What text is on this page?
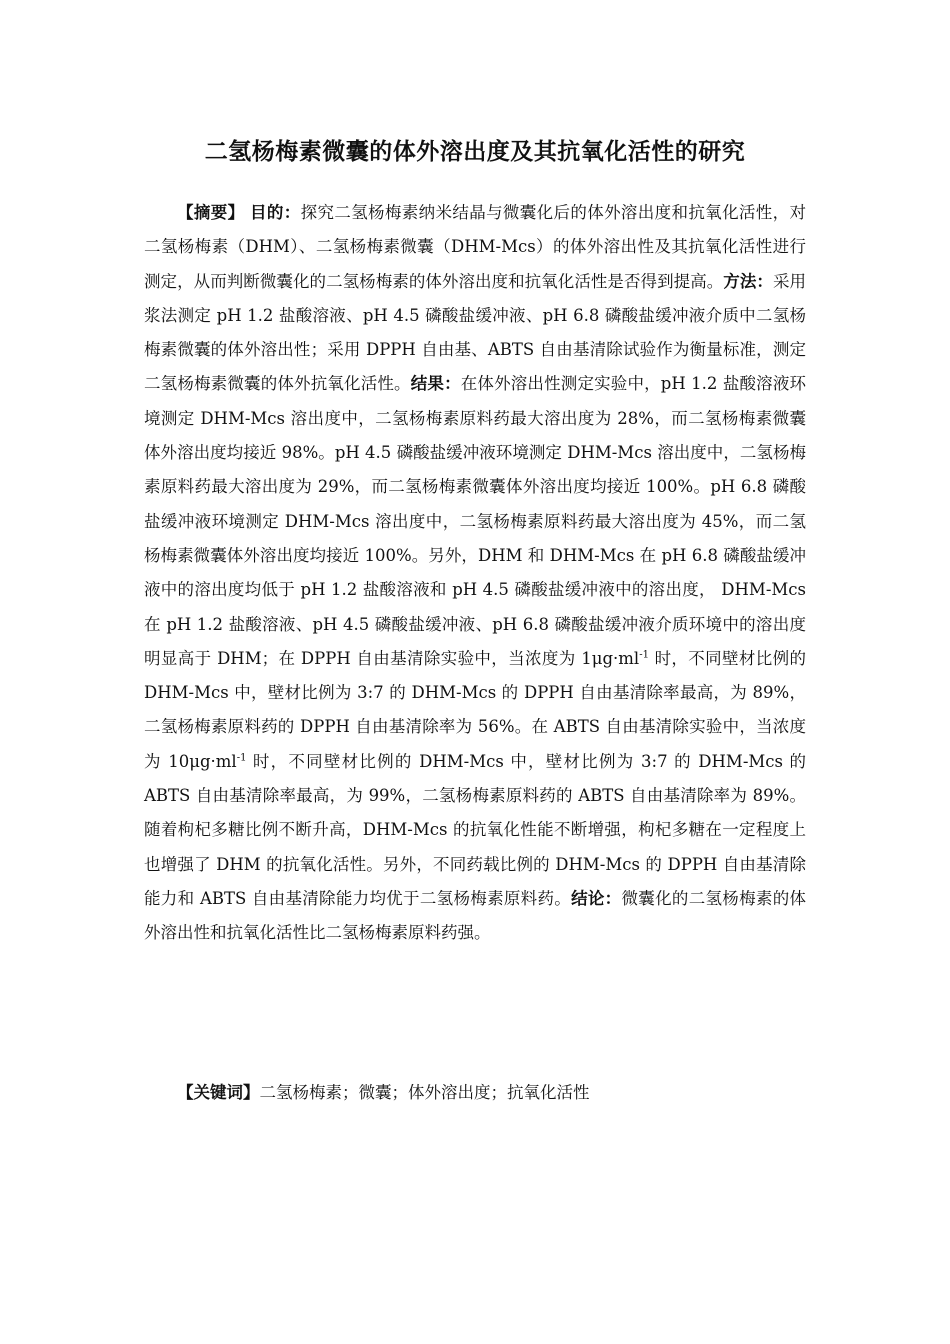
二氢杨梅素微囊的体外溶出度及其抗氧化活性的研究

【摘要】 目的：探究二氢杨梅素纳米结晶与微囊化后的体外溶出度和抗氧化活性，对二氢杨梅素（DHM）、二氢杨梅素微囊（DHM-Mcs）的体外溶出性及其抗氧化活性进行测定，从而判断微囊化的二氢杨梅素的体外溶出度和抗氧化活性是否得到提高。方法：采用浆法测定 pH 1.2 盐酸溶液、pH 4.5 磷酸盐缓冲液、pH 6.8 磷酸盐缓冲液介质中二氢杨梅素微囊的体外溶出性；采用 DPPH 自由基、ABTS 自由基清除试验作为衡量标准，测定二氢杨梅素微囊的体外抗氧化活性。结果：在体外溶出性测定实验中，pH 1.2 盐酸溶液环境测定 DHM-Mcs 溶出度中，二氢杨梅素原料药最大溶出度为 28%，而二氢杨梅素微囊体外溶出度均接近 98%。pH 4.5 磷酸盐缓冲液环境测定 DHM-Mcs 溶出度中，二氢杨梅素原料药最大溶出度为 29%，而二氢杨梅素微囊体外溶出度均接近 100%。pH 6.8 磷酸盐缓冲液环境测定 DHM-Mcs 溶出度中，二氢杨梅素原料药最大溶出度为 45%，而二氢杨梅素微囊体外溶出度均接近 100%。另外，DHM 和 DHM-Mcs 在 pH 6.8 磷酸盐缓冲液中的溶出度均低于 pH 1.2 盐酸溶液和 pH 4.5 磷酸盐缓冲液中的溶出度， DHM-Mcs 在 pH 1.2 盐酸溶液、pH 4.5 磷酸盐缓冲液、pH 6.8 磷酸盐缓冲液介质环境中的溶出度明显高于 DHM；在 DPPH 自由基清除实验中，当浓度为 $1\mu g\cdot ml^{-1}$ 时，不同壁材比例的 DHM-Mcs 中，壁材比例为 3:7 的 DHM-Mcs 的 DPPH 自由基清除率最高，为 89%，二氢杨梅素原料药的 DPPH 自由基清除率为 56%。在 ABTS 自由基清除实验中，当浓度为 $10\mu g\cdot ml^{-1}$ 时，不同壁材比例的 DHM-Mcs 中，壁材比例为 3:7 的 DHM-Mcs 的 ABTS 自由基清除率最高，为 99%，二氢杨梅素原料药的 ABTS 自由基清除率为 89%。随着枸杞多糖比例不断升高，DHM-Mcs 的抗氧化性能不断增强，枸杞多糖在一定程度上也增强了 DHM 的抗氧化活性。另外，不同药载比例的 DHM-Mcs 的 DPPH 自由基清除能力和 ABTS 自由基清除能力均优于二氢杨梅素原料药。结论：微囊化的二氢杨梅素的体外溶出性和抗氧化活性比二氢杨梅素原料药强。

【关键词】二氢杨梅素；微囊；体外溶出度；抗氧化活性
